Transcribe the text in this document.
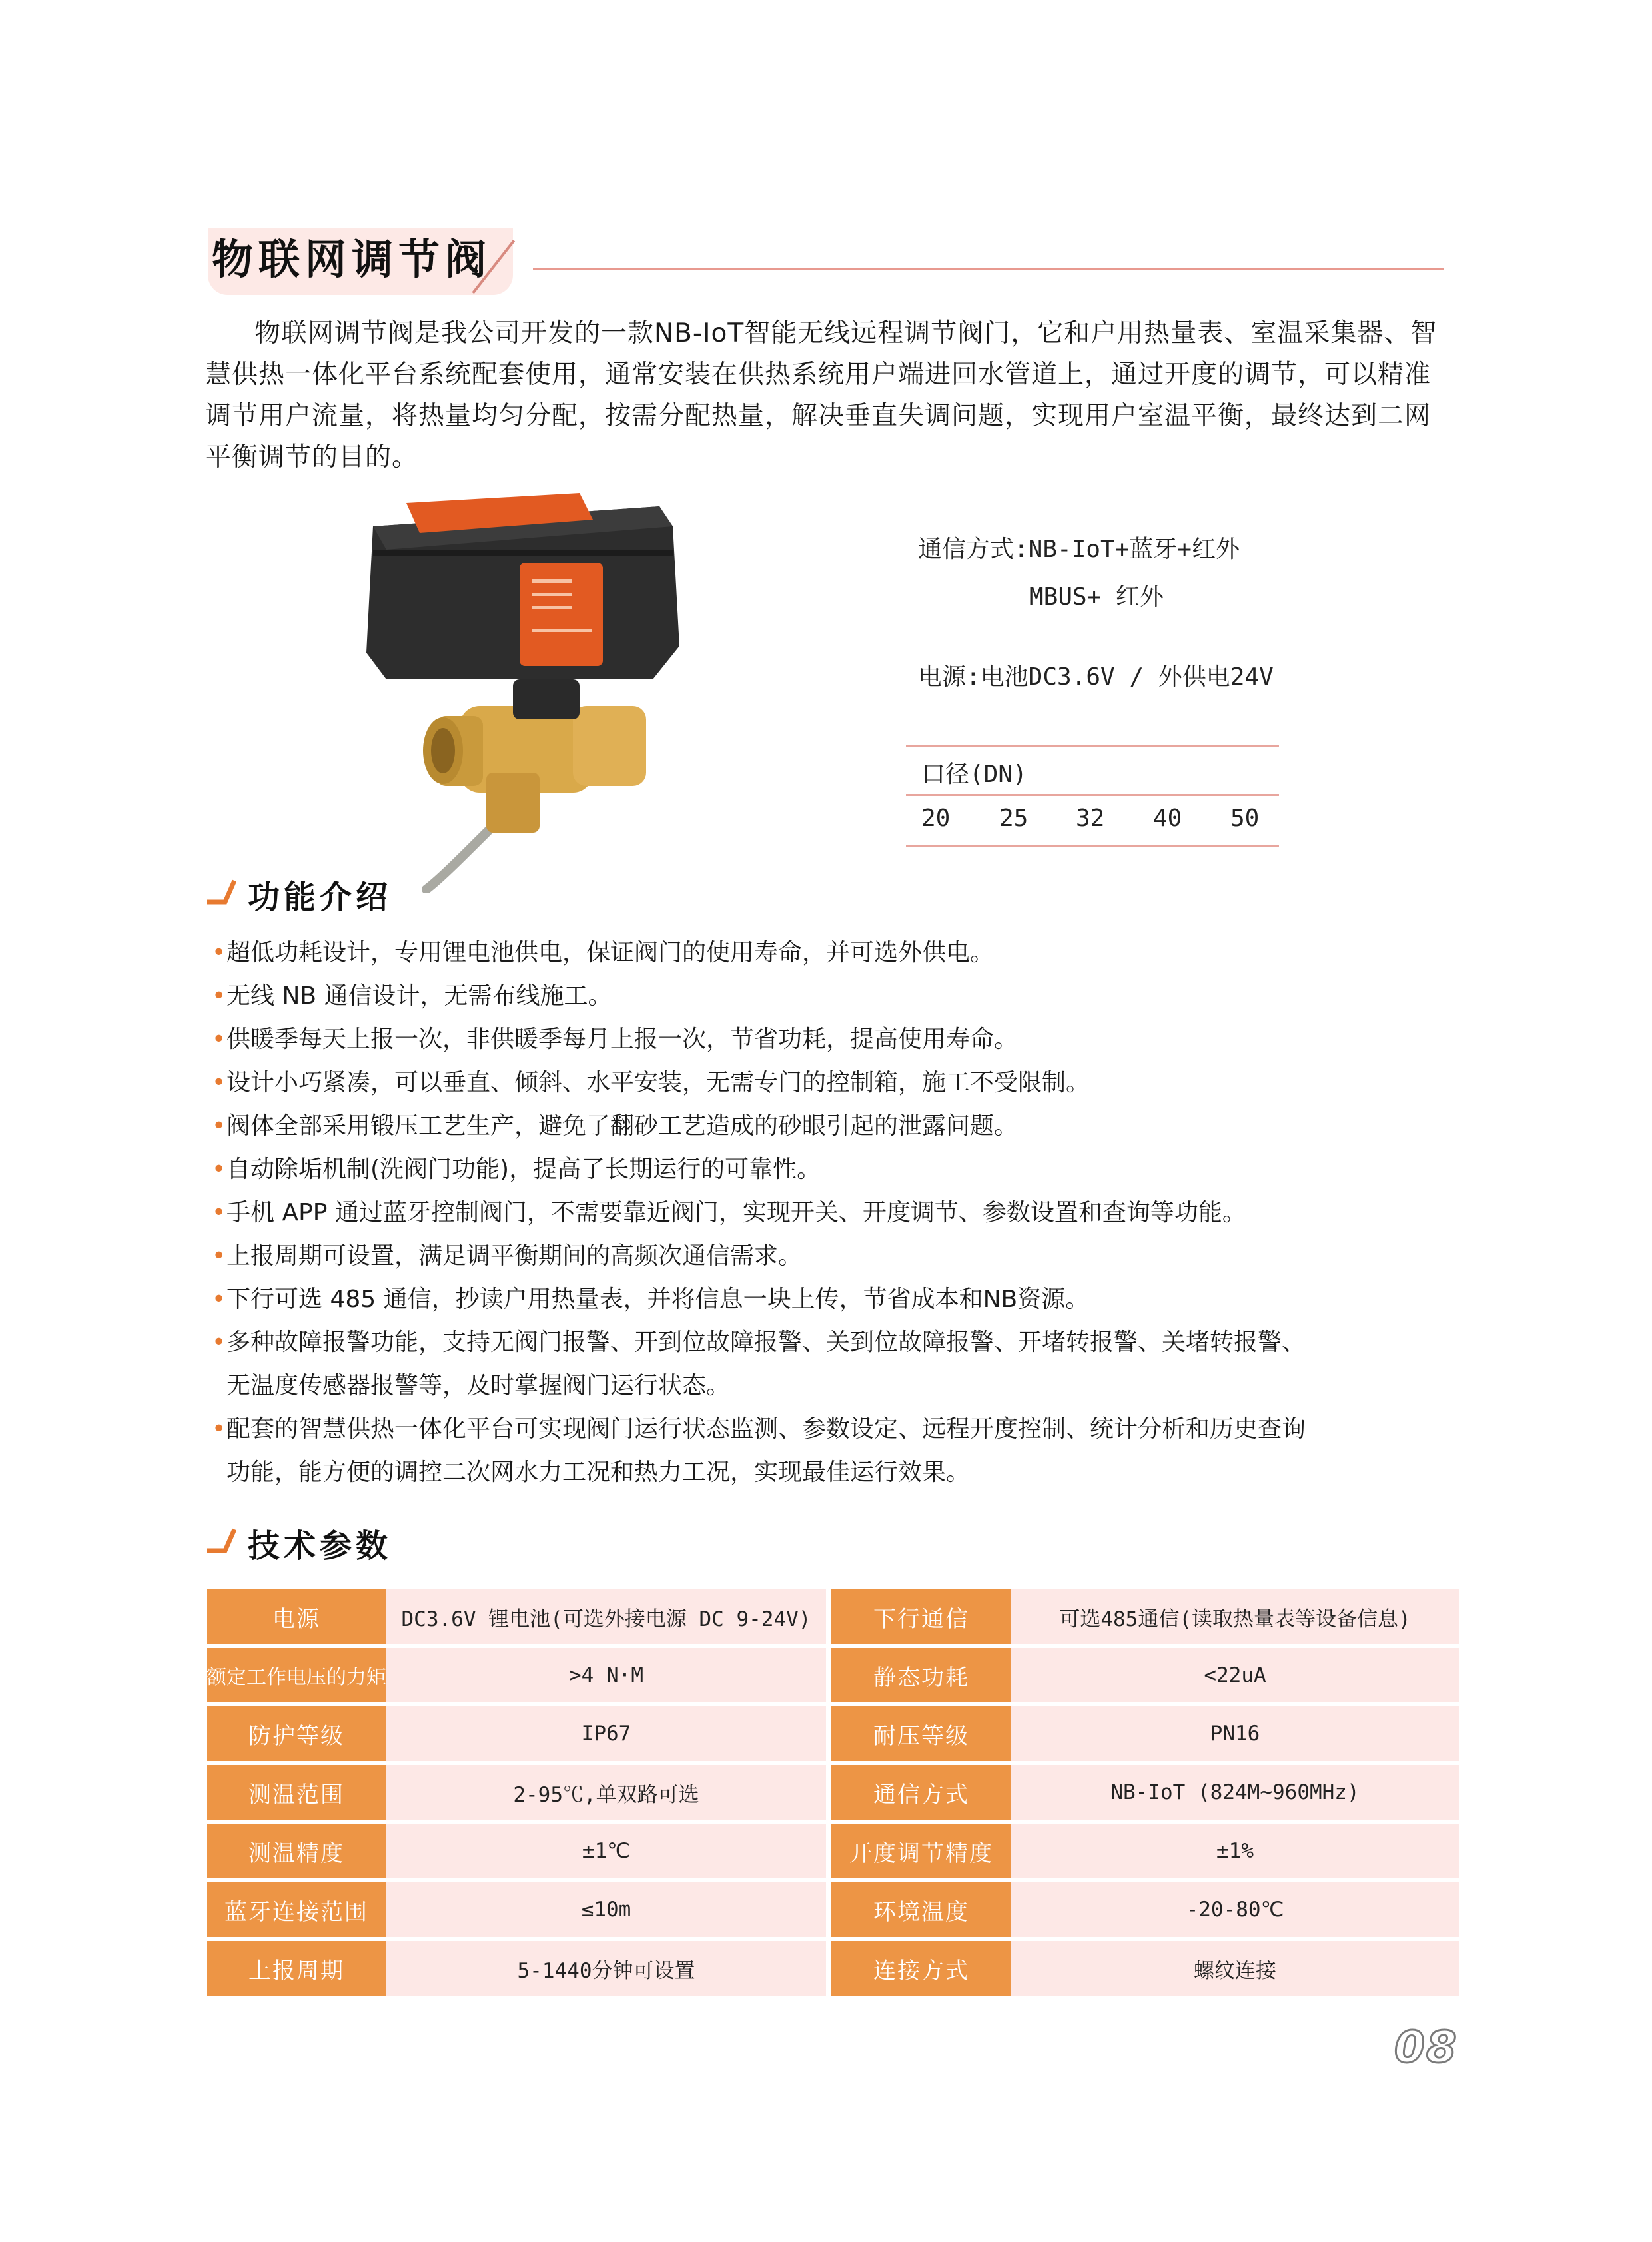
物联网调节阀

物联网调节阀是我公司开发的一款NB-IoT智能无线远程调节阀门，它和户用热量表、室温采集器、智慧供热一体化平台系统配套使用，通常安装在供热系统用户端进回水管道上，通过开度的调节，可以精准调节用户流量，将热量均匀分配，按需分配热量，解决垂直失调问题，实现用户室温平衡，最终达到二网平衡调节的目的。

通信方式:NB-IoT+蓝牙+红外
MBUS+ 红外
电源:电池DC3.6V / 外供电24V
口径(DN)
20 25 32 40 50
功能介绍
• 超低功耗设计，专用锂电池供电，保证阀门的使用寿命，并可选外供电。
• 无线 NB 通信设计，无需布线施工。
• 供暖季每天上报一次，非供暖季每月上报一次，节省功耗，提高使用寿命。
• 设计小巧紧凑，可以垂直、倾斜、水平安装，无需专门的控制箱，施工不受限制。
• 阀体全部采用锻压工艺生产，避免了翻砂工艺造成的砂眼引起的泄露问题。
• 自动除垢机制(洗阀门功能)，提高了长期运行的可靠性。
• 手机 APP 通过蓝牙控制阀门，不需要靠近阀门，实现开关、开度调节、参数设置和查询等功能。
• 上报周期可设置，满足调平衡期间的高频次通信需求。
• 下行可选 485 通信，抄读户用热量表，并将信息一块上传，节省成本和NB资源。
• 多种故障报警功能，支持无阀门报警、开到位故障报警、关到位故障报警、开堵转报警、关堵转报警、
无温度传感器报警等，及时掌握阀门运行状态。
• 配套的智慧供热一体化平台可实现阀门运行状态监测、参数设定、远程开度控制、统计分析和历史查询
功能，能方便的调控二次网水力工况和热力工况，实现最佳运行效果。
技术参数
电源	DC3.6V 锂电池(可选外接电源 DC 9-24V)		下行通信	可选485通信(读取热量表等设备信息)
额定工作电压的力矩	>4 N·M		静态功耗	<22uA
防护等级	IP67		耐压等级	PN16
测温范围	2-95℃,单双路可选		通信方式	NB-IoT (824M~960MHz)
测温精度	±1℃		开度调节精度	±1%
蓝牙连接范围	≤10m		环境温度	-20-80℃
上报周期	5-1440分钟可设置		连接方式	螺纹连接
08
